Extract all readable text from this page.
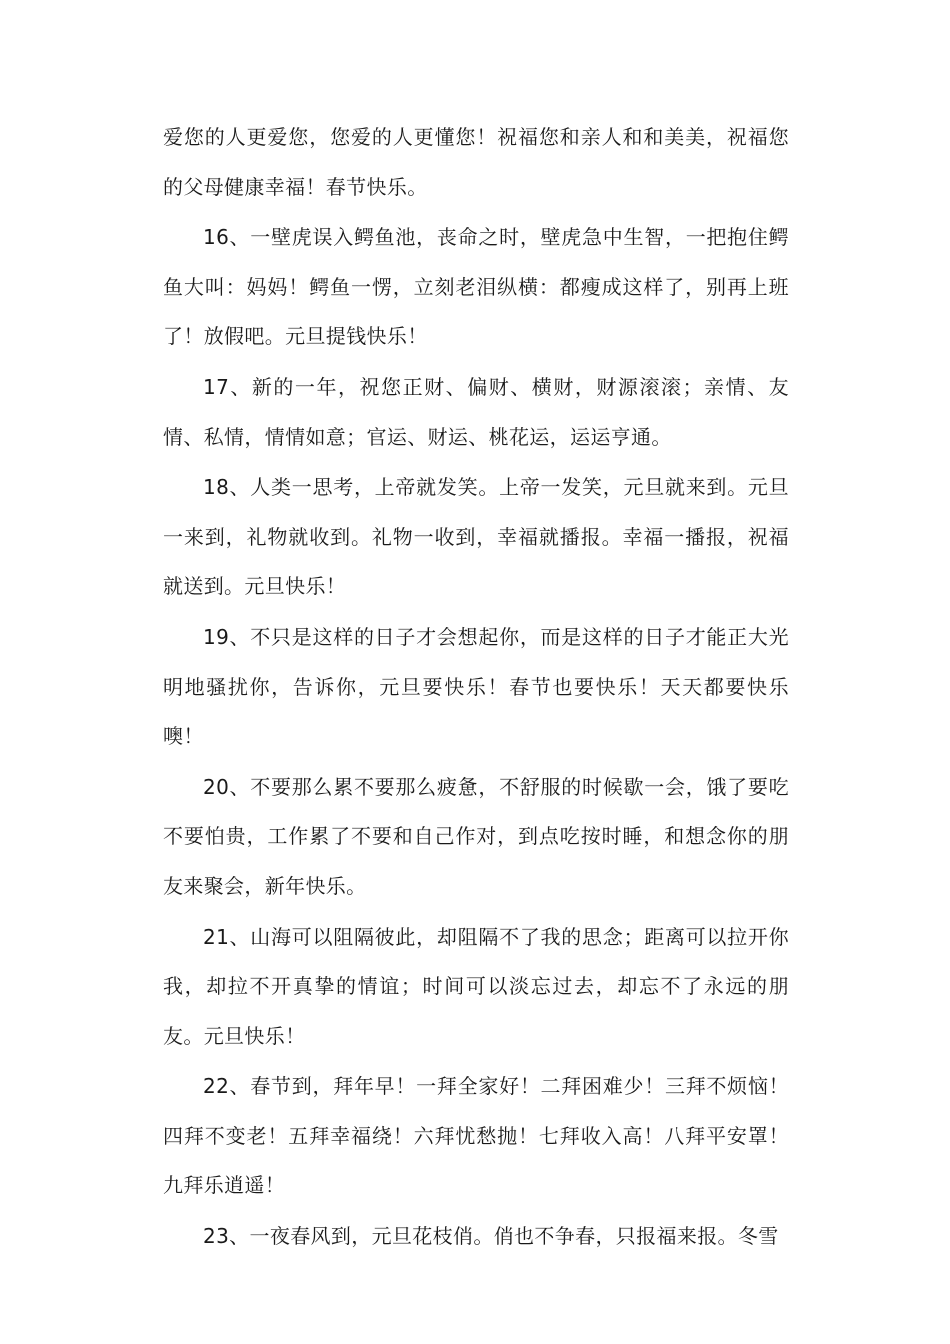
爱您的人更爱您，您爱的人更懂您！祝福您和亲人和和美美，祝福您的父母健康幸福！春节快乐。

16、一壁虎误入鳄鱼池，丧命之时，壁虎急中生智，一把抱住鳄鱼大叫：妈妈！鳄鱼一愣，立刻老泪纵横：都瘦成这样了，别再上班了！放假吧。元旦提钱快乐！

17、新的一年，祝您正财、偏财、横财，财源滚滚；亲情、友情、私情，情情如意；官运、财运、桃花运，运运亨通。

18、人类一思考，上帝就发笑。上帝一发笑，元旦就来到。元旦一来到，礼物就收到。礼物一收到，幸福就播报。幸福一播报，祝福就送到。元旦快乐！

19、不只是这样的日子才会想起你，而是这样的日子才能正大光明地骚扰你，告诉你，元旦要快乐！春节也要快乐！天天都要快乐噢！

20、不要那么累不要那么疲惫，不舒服的时候歇一会，饿了要吃不要怕贵，工作累了不要和自己作对，到点吃按时睡，和想念你的朋友来聚会，新年快乐。

21、山海可以阻隔彼此，却阻隔不了我的思念；距离可以拉开你我，却拉不开真挚的情谊；时间可以淡忘过去，却忘不了永远的朋友。元旦快乐！

22、春节到，拜年早！一拜全家好！二拜困难少！三拜不烦恼！四拜不变老！五拜幸福绕！六拜忧愁抛！七拜收入高！八拜平安罩！九拜乐逍遥！

23、一夜春风到，元旦花枝俏。俏也不争春，只报福来报。冬雪
